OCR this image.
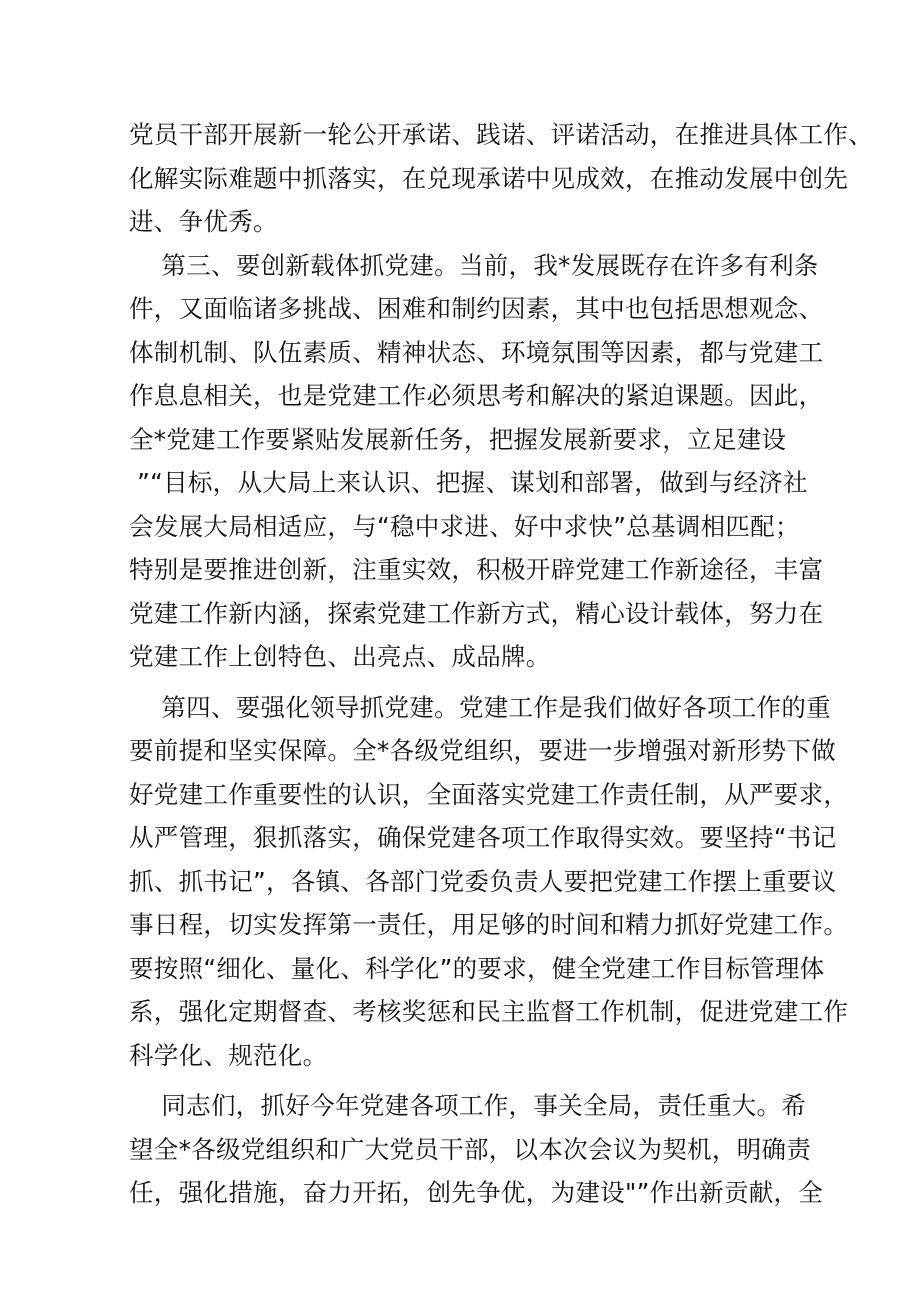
党员干部开展新一轮公开承诺、践诺、评诺活动，在推进具体工作、
化解实际难题中抓落实，在兑现承诺中见成效，在推动发展中创先
进、争优秀。
第三、要创新载体抓党建。当前，我*发展既存在许多有利条
件，又面临诸多挑战、困难和制约因素，其中也包括思想观念、
体制机制、队伍素质、精神状态、环境氛围等因素，都与党建工
作息息相关，也是党建工作必须思考和解决的紧迫课题。因此，
全*党建工作要紧贴发展新任务，把握发展新要求，立足建设
”“目标，从大局上来认识、把握、谋划和部署，做到与经济社
会发展大局相适应，与“稳中求进、好中求快”总基调相匹配；
特别是要推进创新，注重实效，积极开辟党建工作新途径，丰富
党建工作新内涵，探索党建工作新方式，精心设计载体，努力在
党建工作上创特色、出亮点、成品牌。
第四、要强化领导抓党建。党建工作是我们做好各项工作的重
要前提和坚实保障。全*各级党组织，要进一步增强对新形势下做
好党建工作重要性的认识，全面落实党建工作责任制，从严要求，
从严管理，狠抓落实，确保党建各项工作取得实效。要坚持“书记
抓、抓书记”，各镇、各部门党委负责人要把党建工作摆上重要议
事日程，切实发挥第一责任，用足够的时间和精力抓好党建工作。
要按照“细化、量化、科学化”的要求，健全党建工作目标管理体
系，强化定期督查、考核奖惩和民主监督工作机制，促进党建工作
科学化、规范化。
同志们，抓好今年党建各项工作，事关全局，责任重大。希
望全*各级党组织和广大党员干部，以本次会议为契机，明确责
任，强化措施，奋力开拓，创先争优，为建设"”作出新贡献，全
